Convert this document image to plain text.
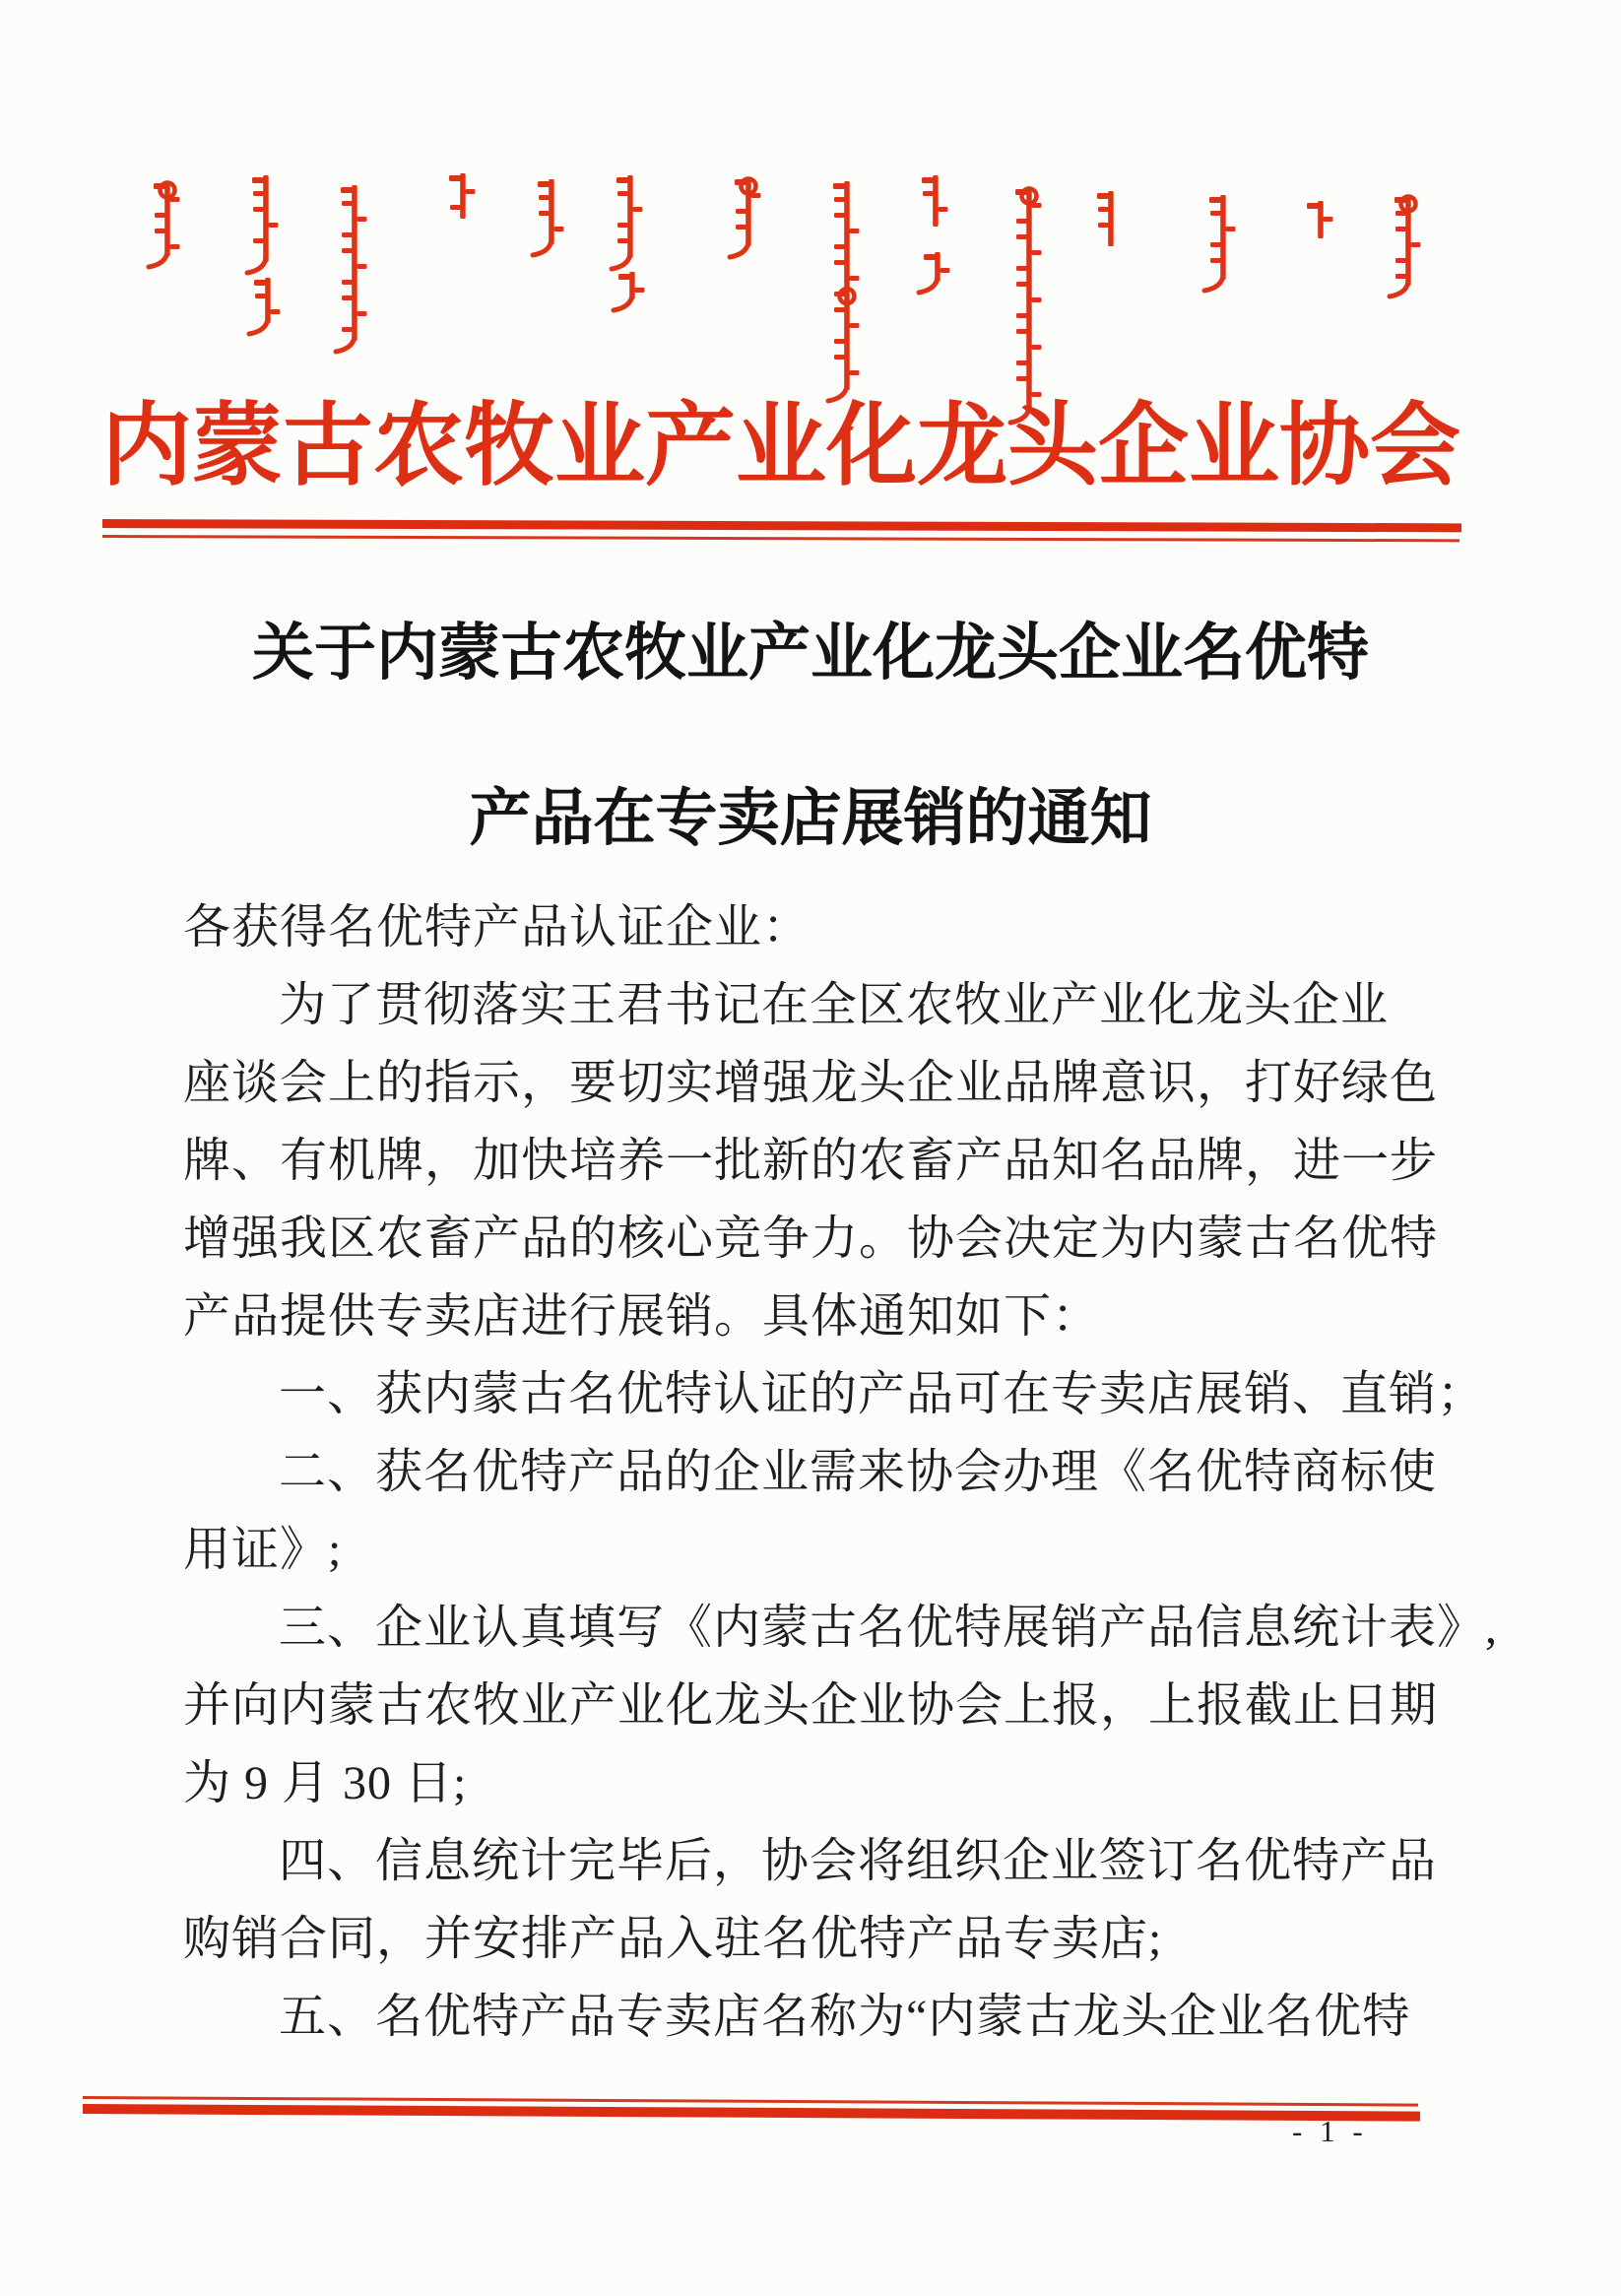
内蒙古农牧业产业化龙头企业协会
关于内蒙古农牧业产业化龙头企业名优特
产品在专卖店展销的通知
各获得名优特产品认证企业：
为了贯彻落实王君书记在全区农牧业产业化龙头企业
座谈会上的指示，要切实增强龙头企业品牌意识，打好绿色
牌、有机牌，加快培养一批新的农畜产品知名品牌，进一步
增强我区农畜产品的核心竞争力。协会决定为内蒙古名优特
产品提供专卖店进行展销。具体通知如下：
一、获内蒙古名优特认证的产品可在专卖店展销、直销；
二、获名优特产品的企业需来协会办理《名优特商标使
用证》;
三、企业认真填写《内蒙古名优特展销产品信息统计表》,
并向内蒙古农牧业产业化龙头企业协会上报，上报截止日期
为 9 月 30 日;
四、信息统计完毕后，协会将组织企业签订名优特产品
购销合同，并安排产品入驻名优特产品专卖店;
五、名优特产品专卖店名称为“内蒙古龙头企业名优特
- 1 -
